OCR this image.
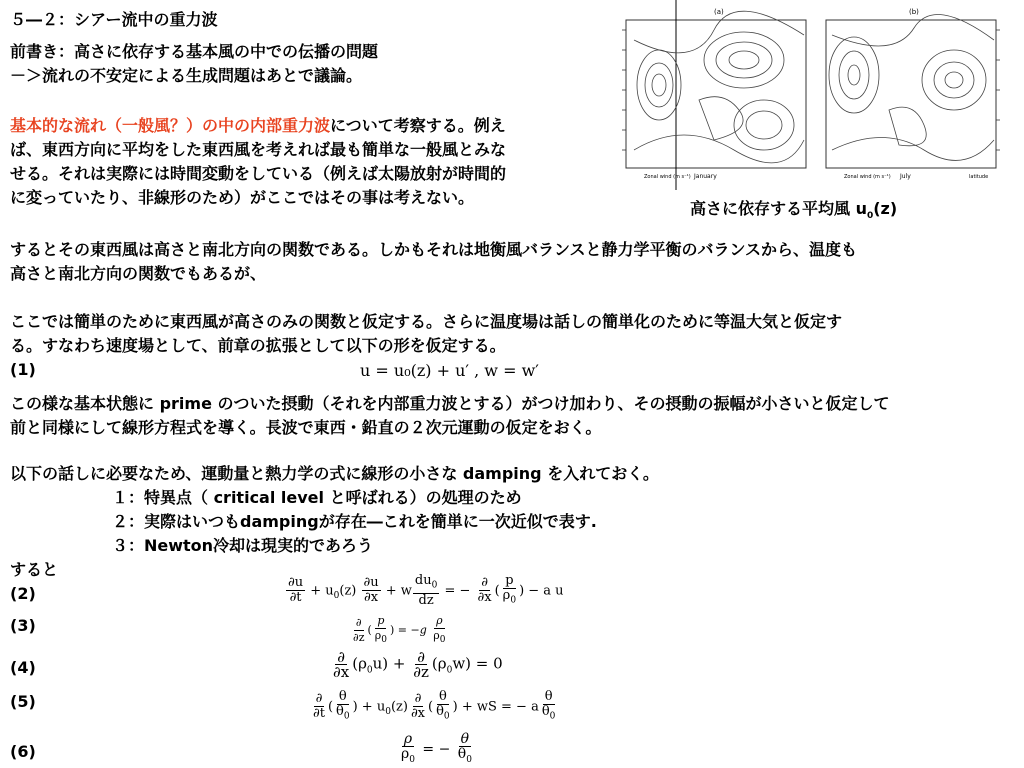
５―２：シアー流中の重力波
前書き：高さに依存する基本風の中での伝播の問題
－＞流れの不安定による生成問題はあとで議論。
基本的な流れ（一般風？）の中の内部重力波について考察する。例え
ば、東西方向に平均をした東西風を考えれば最も簡単な一般風とみな
せる。それは実際には時間変動をしている（例えば太陽放射が時間的
に変っていたり、非線形のため）がここではその事は考えない。
(a)	(b)
January	July
Zonal wind (m s⁻¹)	Zonal wind (m s⁻¹)	latitude
高さに依存する平均風 $u_0(z)$
するとその東西風は高さと南北方向の関数である。しかもそれは地衡風バランスと静力学平衡のバランスから、温度も
高さと南北方向の関数でもあるが、
ここでは簡単のために東西風が高さのみの関数と仮定する。さらに温度場は話しの簡単化のために等温大気と仮定す
る。すなわち速度場として、前章の拡張として以下の形を仮定する。
(1)	u = u₀(z) + u′ , w = w′
この様な基本状態に prime のついた摂動（それを内部重力波とする）がつけ加わり、その摂動の振幅が小さいと仮定して
前と同様にして線形方程式を導く。長波で東西・鉛直の２次元運動の仮定をおく。
以下の話しに必要なため、運動量と熱力学の式に線形の小さな damping を入れておく。
１：特異点（ critical level と呼ばれる）の処理のため
２：実際はいつもdampingが存在―これを簡単に一次近似で表す.
３：Newton冷却は現実的であろう
すると
(2)	$\frac{\partial u}{\partial t} + u_0(z) \frac{\partial u}{\partial x} + w \frac{du_0}{dz}$ = − $\frac{\partial}{\partial x}$ ( $\frac{p}{\rho_0}$ ) − a u
(3)	$\frac{\partial}{\partial z}$ ( $\frac{p}{\rho_0}$ ) = $-g \frac{\rho}{\rho_0}$
(4)	$\frac{\partial}{\partial x} (\rho_0u) + \frac{\partial}{\partial z} (\rho_0w) = 0$
(5)	$\frac{\partial}{\partial t}$ ( $\frac{\theta}{\theta_0}$ ) + $u_0(z) \frac{\partial}{\partial x}$ ( $\frac{\theta}{\theta_0}$ ) + wS = − a $\frac{\theta}{\theta_0}$
(6)	$\frac{\rho}{\rho_0}$ = − $\frac{\theta}{\theta_0}$
